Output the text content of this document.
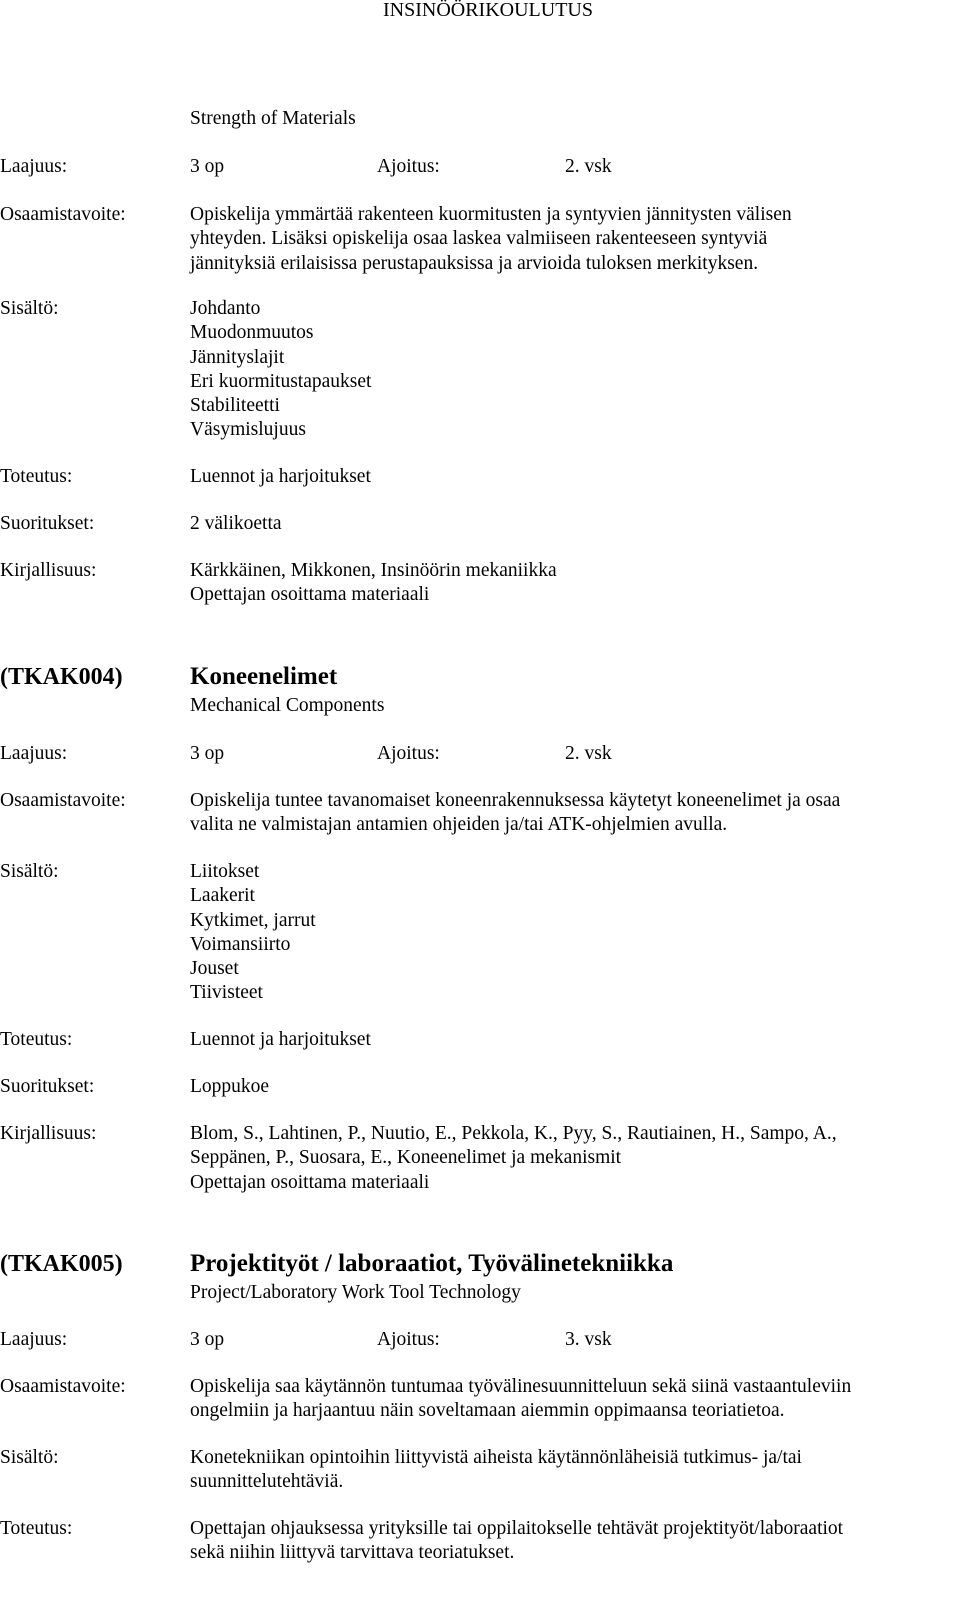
INSINÖÖRIKOULUTUS
Strength of Materials
Laajuus:	3 op	Ajoitus:	2. vsk
Osaamistavoite:	Opiskelija ymmärtää rakenteen kuormitusten ja syntyvien jännitysten välisen
yhteyden. Lisäksi opiskelija osaa laskea valmiiseen rakenteeseen syntyviä
jännityksiä erilaisissa perustapauksissa ja arvioida tuloksen merkityksen.
Sisältö:	Johdanto
Muodonmuutos
Jännityslajit
Eri kuormitustapaukset
Stabiliteetti
Väsymislujuus
Toteutus:	Luennot ja harjoitukset
Suoritukset:	2 välikoetta
Kirjallisuus:	Kärkkäinen, Mikkonen, Insinöörin mekaniikka
Opettajan osoittama materiaali
(TKAK004)	Koneenelimet
Mechanical Components
Laajuus:	3 op	Ajoitus:	2. vsk
Osaamistavoite:	Opiskelija tuntee tavanomaiset koneenrakennuksessa käytetyt koneenelimet ja osaa
valita ne valmistajan antamien ohjeiden ja/tai ATK-ohjelmien avulla.
Sisältö:	Liitokset
Laakerit
Kytkimet, jarrut
Voimansiirto
Jouset
Tiivisteet
Toteutus:	Luennot ja harjoitukset
Suoritukset:	Loppukoe
Kirjallisuus:	Blom, S., Lahtinen, P., Nuutio, E., Pekkola, K., Pyy, S., Rautiainen, H., Sampo, A.,
Seppänen, P., Suosara, E., Koneenelimet ja mekanismit
Opettajan osoittama materiaali
(TKAK005)	Projektityöt / laboraatiot, Työvälinetekniikka
Project/Laboratory Work Tool Technology
Laajuus:	3 op	Ajoitus:	3. vsk
Osaamistavoite:	Opiskelija saa käytännön tuntumaa työvälinesuunnitteluun sekä siinä vastaantuleviin
ongelmiin ja harjaantuu näin soveltamaan aiemmin oppimaansa teoriatietoa.
Sisältö:	Konetekniikan opintoihin liittyvistä aiheista käytännönläheisiä tutkimus- ja/tai
suunnittelutehtäviä.
Toteutus:	Opettajan ohjauksessa yrityksille tai oppilaitokselle tehtävät projektityöt/laboraatiot
sekä niihin liittyvä tarvittava teoriatukset.
